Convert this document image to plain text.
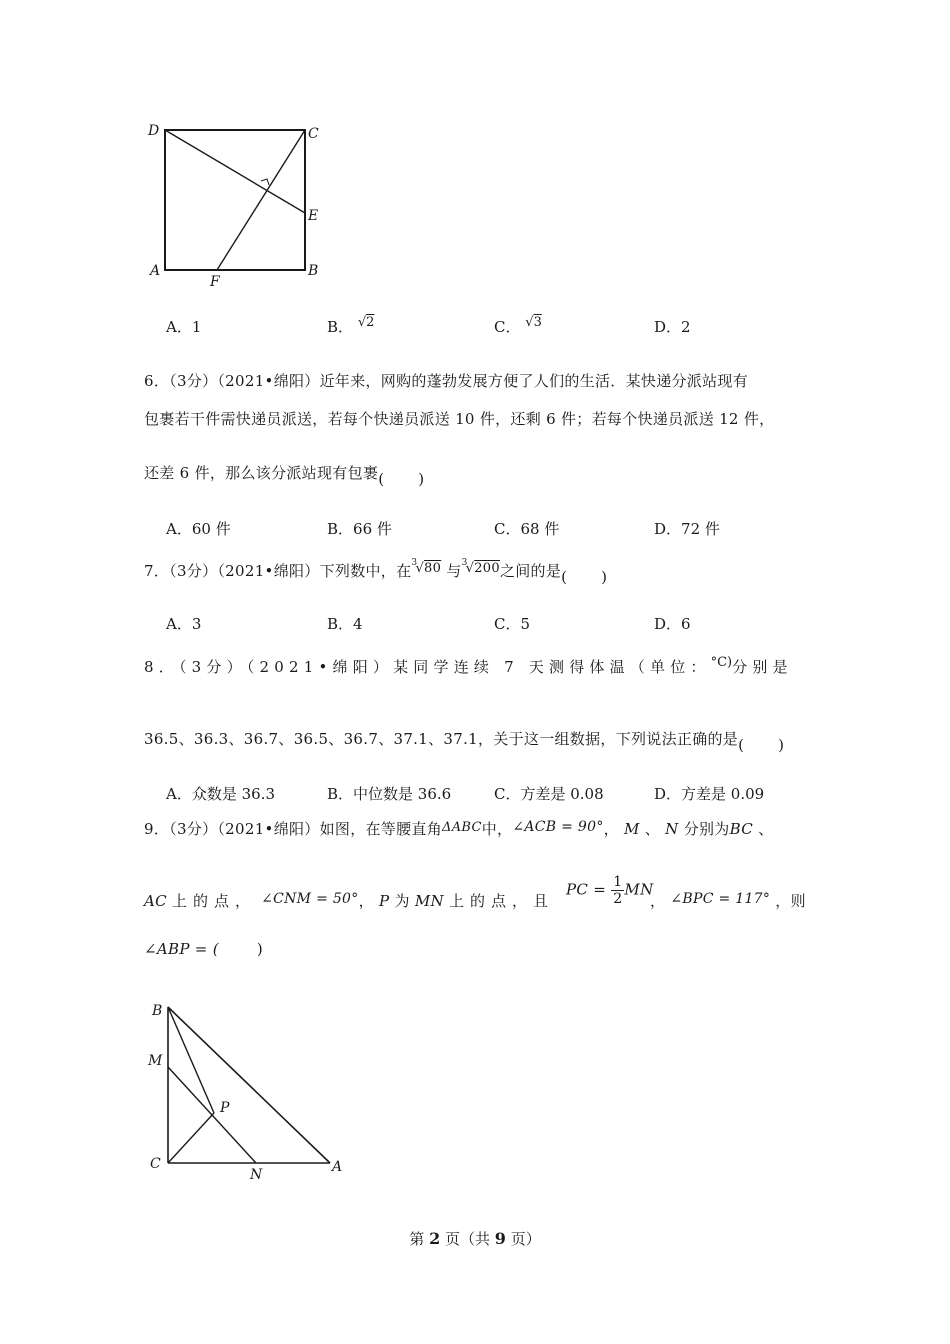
D	C
E
A
F
B
A．1	B． √2	C． √3	D．2
6．（3分）（2021•绵阳）近年来，网购的蓬勃发展方便了人们的生活．某快递分派站现有
包裹若干件需快递员派送，若每个快递员派送 10 件，还剩 6 件；若每个快递员派送 12 件，
还差 6 件，那么该分派站现有包裹 ( )
A．60 件	B．66 件	C．68 件	D．72 件
7．（3分）（2021•绵阳）下列数中，在$^3$√80 与$^3$√200之间的是 ( )
A．3	B．4	C．5	D．6
8．（3分）（2021•绵阳）某同学连续 7 天测得体温（单位：°C)分别是
36.5、36.3、36.7、36.5、36.7、37.1、37.1，关于这一组数据，下列说法正确的是 ( )
A．众数是 36.3	B．中位数是 36.6	C．方差是 0.08	D．方差是 0.09
9．（3分）（2021•绵阳）如图，在等腰直角ΔABC中，∠ACB = 90°， M 、 N 分别为BC 、
AC 上的点， ∠CNM = 50°， P 为 MN 上的点，且
PC = $\frac{1}{2}$ MN
， ∠BPC = 117° ，则
∠ABP = (	)
B
M
P
C
N	A
第 2 页（共 9 页）
